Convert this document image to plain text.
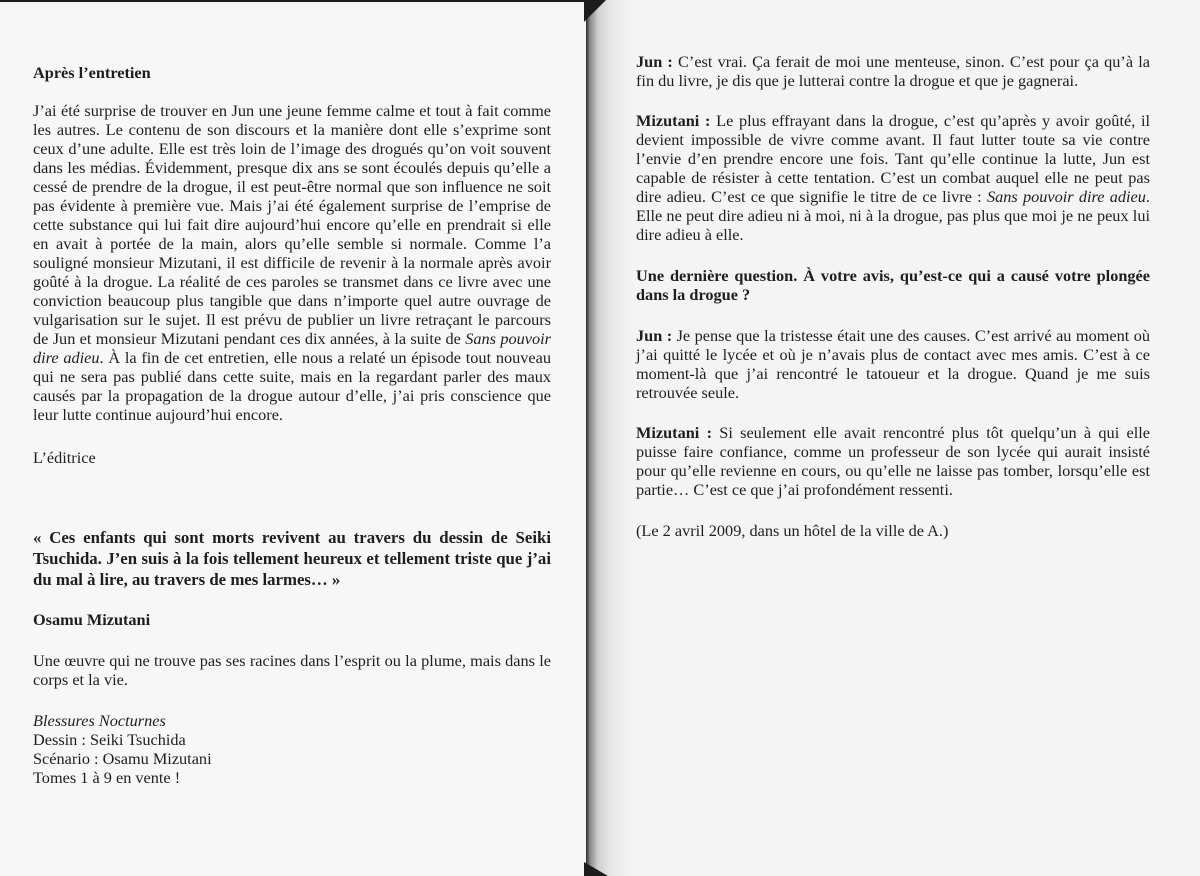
Après l’entretien

J’ai été surprise de trouver en Jun une jeune femme calme et tout à fait comme les autres. Le contenu de son discours et la manière dont elle s’exprime sont ceux d’une adulte. Elle est très loin de l’image des drogués qu’on voit souvent dans les médias. Évidemment, presque dix ans se sont écoulés depuis qu’elle a cessé de prendre de la drogue, il est peut-être normal que son influence ne soit pas évidente à première vue. Mais j’ai été également surprise de l’emprise de cette substance qui lui fait dire aujourd’hui encore qu’elle en prendrait si elle en avait à portée de la main, alors qu’elle semble si normale. Comme l’a souligné monsieur Mizutani, il est difficile de revenir à la normale après avoir goûté à la drogue. La réalité de ces paroles se transmet dans ce livre avec une conviction beaucoup plus tangible que dans n’importe quel autre ouvrage de vulgarisation sur le sujet. Il est prévu de publier un livre retraçant le parcours de Jun et monsieur Mizutani pendant ces dix années, à la suite de Sans pouvoir dire adieu. À la fin de cet entretien, elle nous a relaté un épisode tout nouveau qui ne sera pas publié dans cette suite, mais en la regardant parler des maux causés par la propagation de la drogue autour d’elle, j’ai pris conscience que leur lutte continue aujourd’hui encore.

L’éditrice

« Ces enfants qui sont morts revivent au travers du dessin de Seiki Tsuchida. J’en suis à la fois tellement heureux et tellement triste que j’ai du mal à lire, au travers de mes larmes… »

Osamu Mizutani

Une œuvre qui ne trouve pas ses racines dans l’esprit ou la plume, mais dans le corps et la vie.

Blessures Nocturnes

Dessin : Seiki Tsuchida

Scénario : Osamu Mizutani

Tomes 1 à 9 en vente !

Jun : C’est vrai. Ça ferait de moi une menteuse, sinon. C’est pour ça qu’à la fin du livre, je dis que je lutterai contre la drogue et que je gagnerai.

Mizutani : Le plus effrayant dans la drogue, c’est qu’après y avoir goûté, il devient impossible de vivre comme avant. Il faut lutter toute sa vie contre l’envie d’en prendre encore une fois. Tant qu’elle continue la lutte, Jun est capable de résister à cette tentation. C’est un combat auquel elle ne peut pas dire adieu. C’est ce que signifie le titre de ce livre : Sans pouvoir dire adieu. Elle ne peut dire adieu ni à moi, ni à la drogue, pas plus que moi je ne peux lui dire adieu à elle.

Une dernière question. À votre avis, qu’est-ce qui a causé votre plongée dans la drogue ?

Jun : Je pense que la tristesse était une des causes. C’est arrivé au moment où j’ai quitté le lycée et où je n’avais plus de contact avec mes amis. C’est à ce moment-là que j’ai rencontré le tatoueur et la drogue. Quand je me suis retrouvée seule.

Mizutani : Si seulement elle avait rencontré plus tôt quelqu’un à qui elle puisse faire confiance, comme un professeur de son lycée qui aurait insisté pour qu’elle revienne en cours, ou qu’elle ne laisse pas tomber, lorsqu’elle est partie… C’est ce que j’ai profondément ressenti.

(Le 2 avril 2009, dans un hôtel de la ville de A.)
